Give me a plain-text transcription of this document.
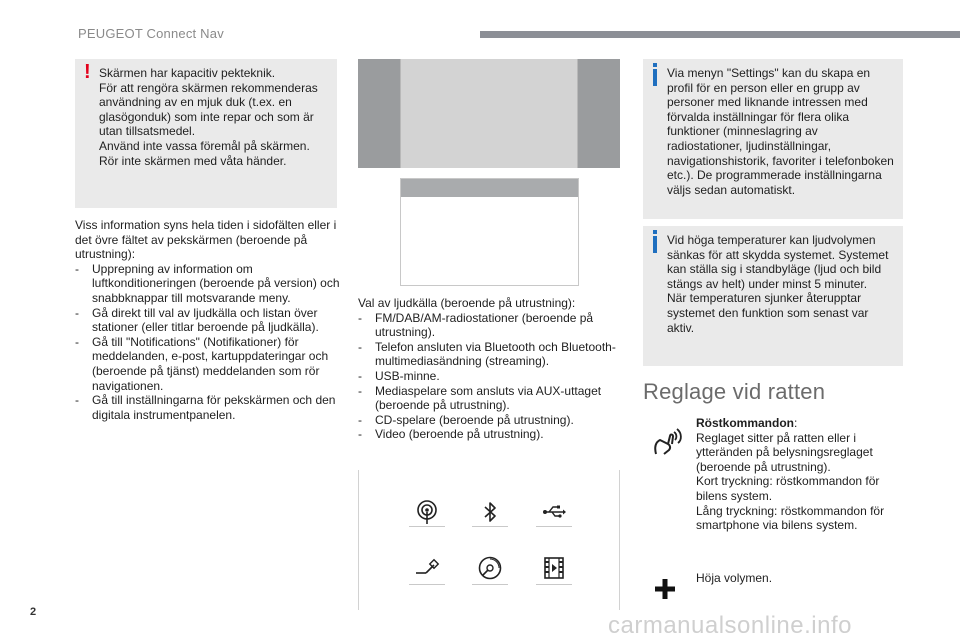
PEUGEOT Connect Nav
! Skärmen har kapacitiv pekteknik.
För att rengöra skärmen rekommenderas användning av en mjuk duk (t.ex. en glasögonduk) som inte repar och som är utan tillsatsmedel.
Använd inte vassa föremål på skärmen.
Rör inte skärmen med våta händer.
Viss information syns hela tiden i sidofälten eller i det övre fältet av pekskärmen (beroende på utrustning):
- Upprepning av information om luftkonditioneringen (beroende på version) och snabbknappar till motsvarande meny.
- Gå direkt till val av ljudkälla och listan över stationer (eller titlar beroende på ljudkälla).
- Gå till "Notifications" (Notifikationer) för meddelanden, e-post, kartuppdateringar och (beroende på tjänst) meddelanden som rör navigationen.
- Gå till inställningarna för pekskärmen och den digitala instrumentpanelen.
Val av ljudkälla (beroende på utrustning):
- FM/DAB/AM-radiostationer (beroende på utrustning).
- Telefon ansluten via Bluetooth och Bluetooth-multimediasändning (streaming).
- USB-minne.
- Mediaspelare som ansluts via AUX-uttaget (beroende på utrustning).
- CD-spelare (beroende på utrustning).
- Video (beroende på utrustning).
Via menyn "Settings" kan du skapa en profil för en person eller en grupp av personer med liknande intressen med förvalda inställningar för flera olika funktioner (minneslagring av radiostationer, ljudinställningar, navigationshistorik, favoriter i telefonboken etc.). De programmerade inställningarna väljs sedan automatiskt.
Vid höga temperaturer kan ljudvolymen sänkas för att skydda systemet. Systemet kan ställa sig i standbyläge (ljud och bild stängs av helt) under minst 5 minuter.
När temperaturen sjunker återupptar systemet den funktion som senast var aktiv.
Reglage vid ratten
Röstkommandon:
Reglaget sitter på ratten eller i ytteränden på belysningsreglaget (beroende på utrustning).
Kort tryckning: röstkommandon för bilens system.
Lång tryckning: röstkommandon för smartphone via bilens system.
Höja volymen.
2	carmanualsonline.info
